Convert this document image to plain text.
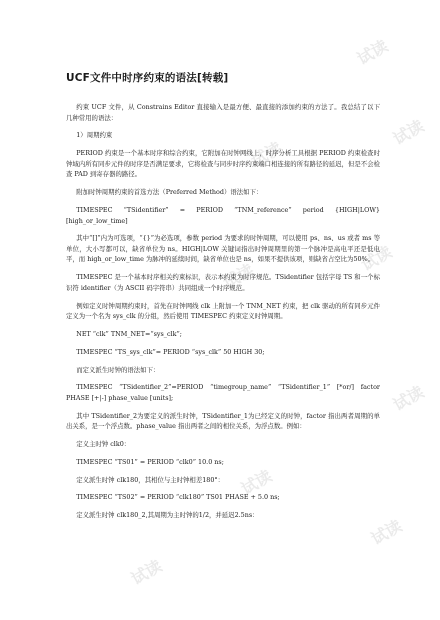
试读
试读
试读
试读
试读
试读
试读
试读
试读
UCF文件中时序约束的语法[转载]

约束 UCF 文件，从 Constrains Editor 直接输入是最方便、最直接的添加约束的方法了。我总结了以下几种常用的语法：

1）周期约束

PERIOD 约束是一个基本时序和综合约束，它附加在时钟网线上，时序分析工具根据 PERIOD 约束检查时钟域内所有同步元件的时序是否满足要求，它将检查与同步时序约束端口相连接的所有路径的延迟，但是不会检查 PAD 到寄存器的路径。

附加时钟周期约束的首选方法（Preferred Method）语法如下：

TIMESPEC “TSidentifier” = PERIOD “TNM_reference” period {HIGH|LOW} [high_or_low_time]

其中“[]”内为可选项，“{}”为必选项，参数 period 为要求的时钟周期，可以使用 ps、ns、us 或者 ms 等单位，大小写都可以，缺省单位为 ns。HIGH|LOW 关键词指出时钟周期里的第一个脉冲是高电平还是低电平，而 high_or_low_time 为脉冲的延续时间，缺省单位也是 ns，如果不提供该项，则缺省占空比为50%。

TIMESPEC 是一个基本时序相关约束标识，表示本约束为时序规范。TSidentifier 包括字母 TS 和一个标识符 identifier（为 ASCII 码字符串）共同组成一个时序规范。

例如定义时钟周期约束时，首先在时钟网线 clk 上附加一个 TNM_NET 约束，把 clk 驱动的所有同步元件定义为一个名为 sys_clk 的分组，然后使用 TIMESPEC 约束定义时钟周期。

NET “clk” TNM_NET=“sys_clk”;

TIMESPEC “TS_sys_clk”= PERIOD “sys_clk” 50 HIGH 30;

而定义派生时钟的语法如下：

TIMESPEC “TSidentifier_2”=PERIOD “timegroup_name” “TSidentifier_1” [*or/] factor PHASE [+|-] phase_value [units];

其中 TSidentifier_2为要定义的派生时钟，TSidentifier_1为已经定义的时钟，factor 指出两者周期的单出关系，是一个浮点数。phase_value 指出两者之间的相位关系，为浮点数。例如：

定义主时钟 clk0：

TIMESPEC “TS01” = PERIOD “clk0” 10.0 ns;

定义派生时钟 clk180，其相位与主时钟相差180°：

TIMESPEC “TS02” = PERIOD “clk180” TS01 PHASE + 5.0 ns;

定义派生时钟 clk180_2,其周期为主时钟的1/2，并延迟2.5ns：
